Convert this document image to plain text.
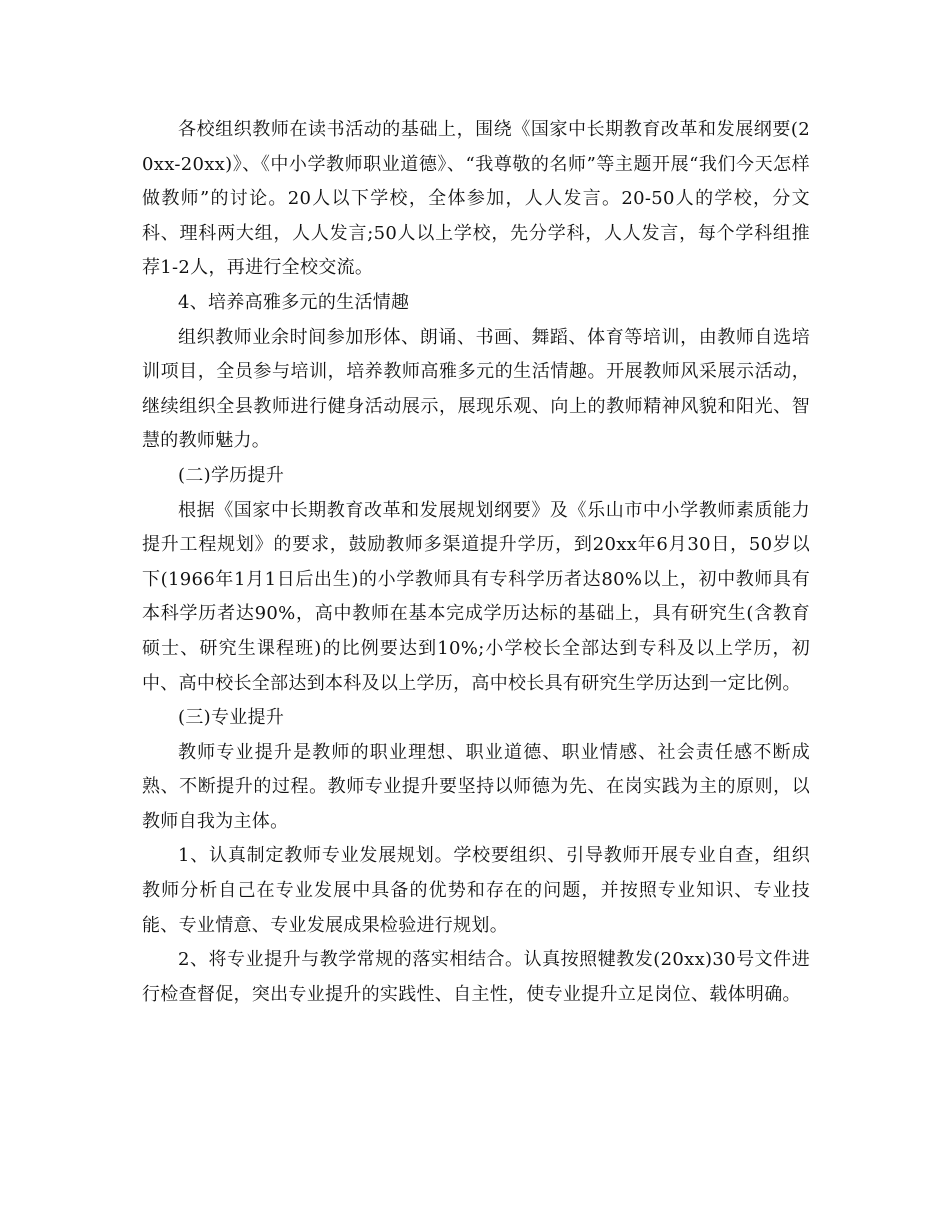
各校组织教师在读书活动的基础上，围绕《国家中长期教育改革和发展纲要(20xx-20xx)》、《中小学教师职业道德》、“我尊敬的名师”等主题开展“我们今天怎样做教师”的讨论。20人以下学校，全体参加，人人发言。20-50人的学校，分文科、理科两大组，人人发言;50人以上学校，先分学科，人人发言，每个学科组推荐1-2人，再进行全校交流。

4、培养高雅多元的生活情趣

组织教师业余时间参加形体、朗诵、书画、舞蹈、体育等培训，由教师自选培训项目，全员参与培训，培养教师高雅多元的生活情趣。开展教师风采展示活动，继续组织全县教师进行健身活动展示，展现乐观、向上的教师精神风貌和阳光、智慧的教师魅力。

(二)学历提升

根据《国家中长期教育改革和发展规划纲要》及《乐山市中小学教师素质能力提升工程规划》的要求，鼓励教师多渠道提升学历，到20xx年6月30日，50岁以下(1966年1月1日后出生)的小学教师具有专科学历者达80%以上，初中教师具有本科学历者达90%，高中教师在基本完成学历达标的基础上，具有研究生(含教育硕士、研究生课程班)的比例要达到10%;小学校长全部达到专科及以上学历，初中、高中校长全部达到本科及以上学历，高中校长具有研究生学历达到一定比例。

(三)专业提升

教师专业提升是教师的职业理想、职业道德、职业情感、社会责任感不断成熟、不断提升的过程。教师专业提升要坚持以师德为先、在岗实践为主的原则，以教师自我为主体。

1、认真制定教师专业发展规划。学校要组织、引导教师开展专业自查，组织教师分析自己在专业发展中具备的优势和存在的问题，并按照专业知识、专业技能、专业情意、专业发展成果检验进行规划。

2、将专业提升与教学常规的落实相结合。认真按照犍教发(20xx)30号文件进行检查督促，突出专业提升的实践性、自主性，使专业提升立足岗位、载体明确。
